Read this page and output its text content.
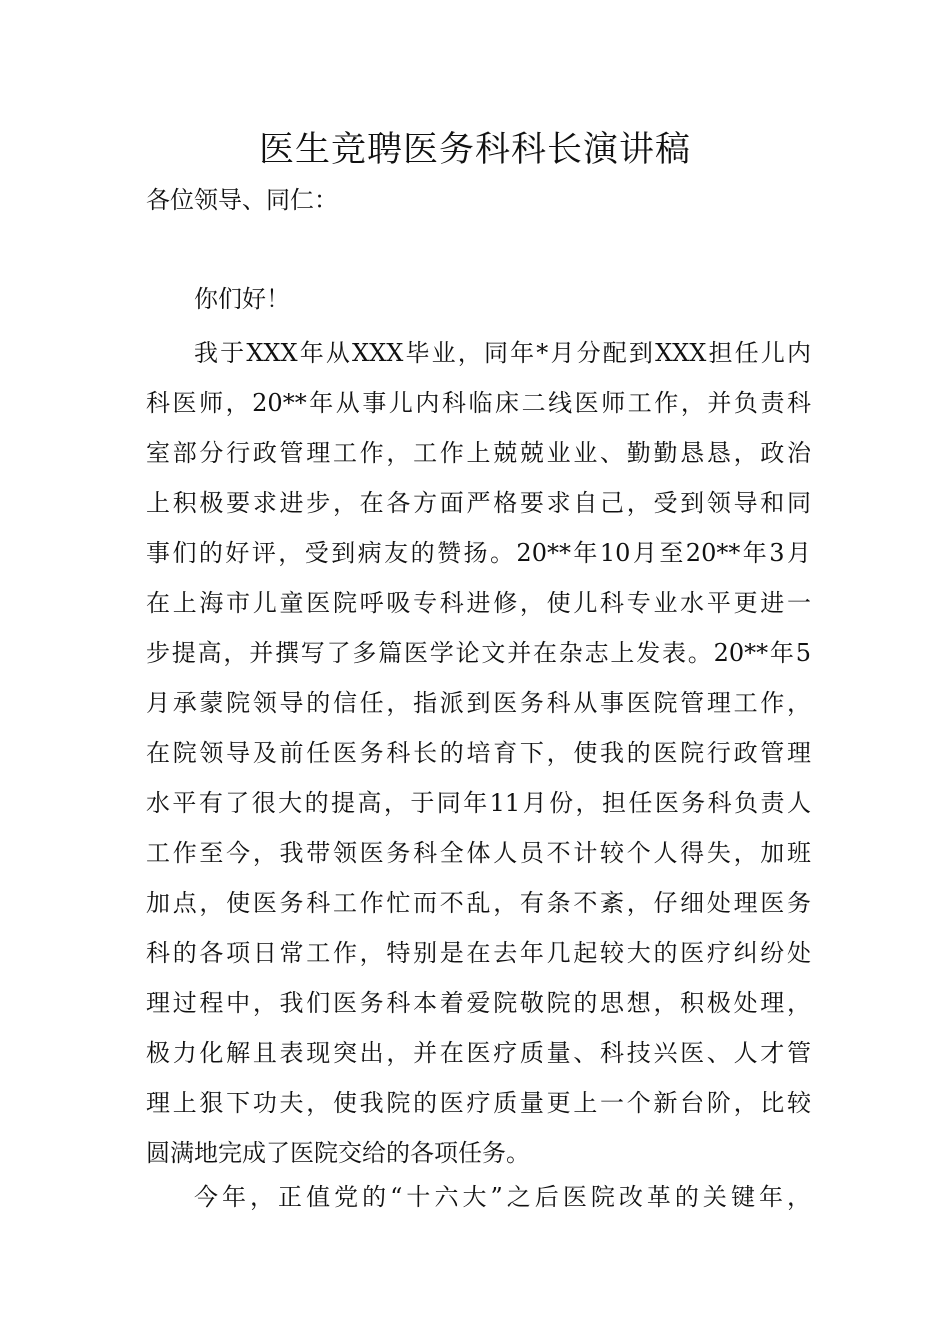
医生竞聘医务科科长演讲稿
各位领导、同仁：
你们好！
我于XXX年从XXX毕业，同年*月分配到XXX担任儿内
科医师，20**年从事儿内科临床二线医师工作，并负责科
室部分行政管理工作，工作上兢兢业业、勤勤恳恳，政治
上积极要求进步，在各方面严格要求自己，受到领导和同
事们的好评，受到病友的赞扬。20**年10月至20**年3月
在上海市儿童医院呼吸专科进修，使儿科专业水平更进一
步提高，并撰写了多篇医学论文并在杂志上发表。20**年5
月承蒙院领导的信任，指派到医务科从事医院管理工作，
在院领导及前任医务科长的培育下，使我的医院行政管理
水平有了很大的提高，于同年11月份，担任医务科负责人
工作至今，我带领医务科全体人员不计较个人得失，加班
加点，使医务科工作忙而不乱，有条不紊，仔细处理医务
科的各项日常工作，特别是在去年几起较大的医疗纠纷处
理过程中，我们医务科本着爱院敬院的思想，积极处理，
极力化解且表现突出，并在医疗质量、科技兴医、人才管
理上狠下功夫，使我院的医疗质量更上一个新台阶，比较
圆满地完成了医院交给的各项任务。
今年，正值党的“十六大”之后医院改革的关键年，
